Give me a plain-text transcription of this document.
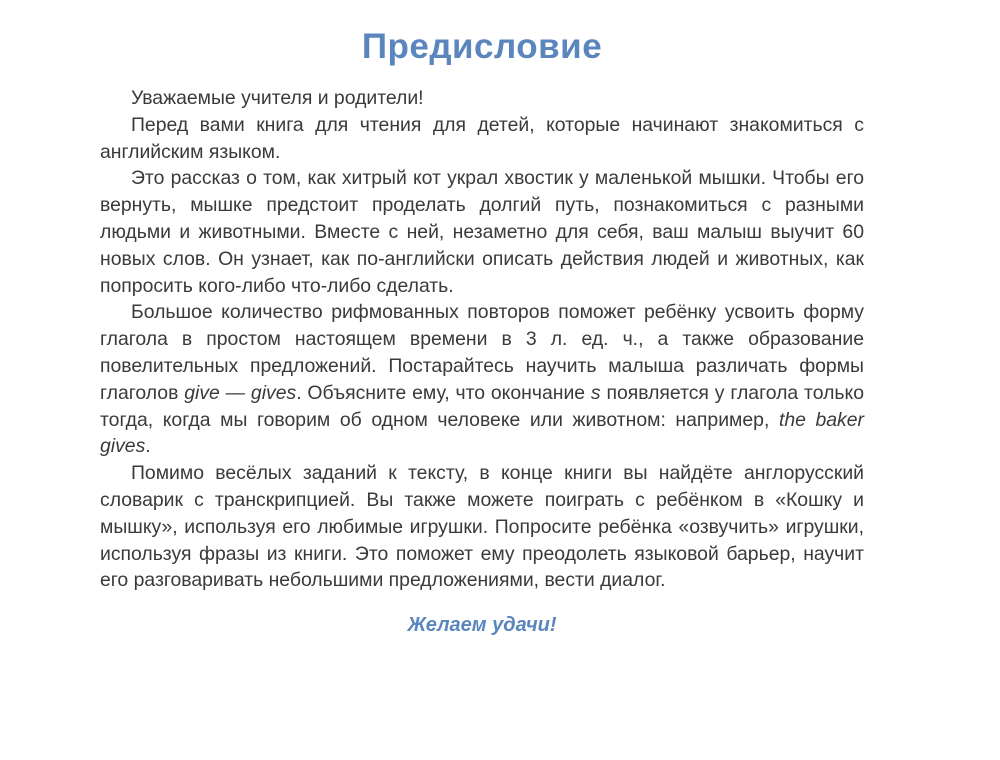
Предисловие

Уважаемые учителя и родители!

Перед вами книга для чтения для детей, которые начинают знакомиться с английским языком.

Это рассказ о том, как хитрый кот украл хвостик у маленькой мышки. Чтобы его вернуть, мышке предстоит проделать долгий путь, познакомиться с разными людьми и животными. Вместе с ней, незаметно для себя, ваш малыш выучит 60 новых слов. Он узнает, как по-английски описать действия людей и животных, как попросить кого-либо что-либо сделать.

Большое количество рифмованных повторов поможет ребёнку усвоить форму глагола в простом настоящем времени в 3 л. ед. ч., а также образование повелительных предложений. Постарайтесь научить малыша различать формы глаголов give — gives. Объясните ему, что окончание s появляется у глагола только тогда, когда мы говорим об одном человеке или животном: например, the baker gives.

Помимо весёлых заданий к тексту, в конце книги вы найдёте англорусский словарик с транскрипцией. Вы также можете поиграть с ребёнком в «Кошку и мышку», используя его любимые игрушки. Попросите ребёнка «озвучить» игрушки, используя фразы из книги. Это поможет ему преодолеть языковой барьер, научит его разговаривать небольшими предложениями, вести диалог.

Желаем удачи!
